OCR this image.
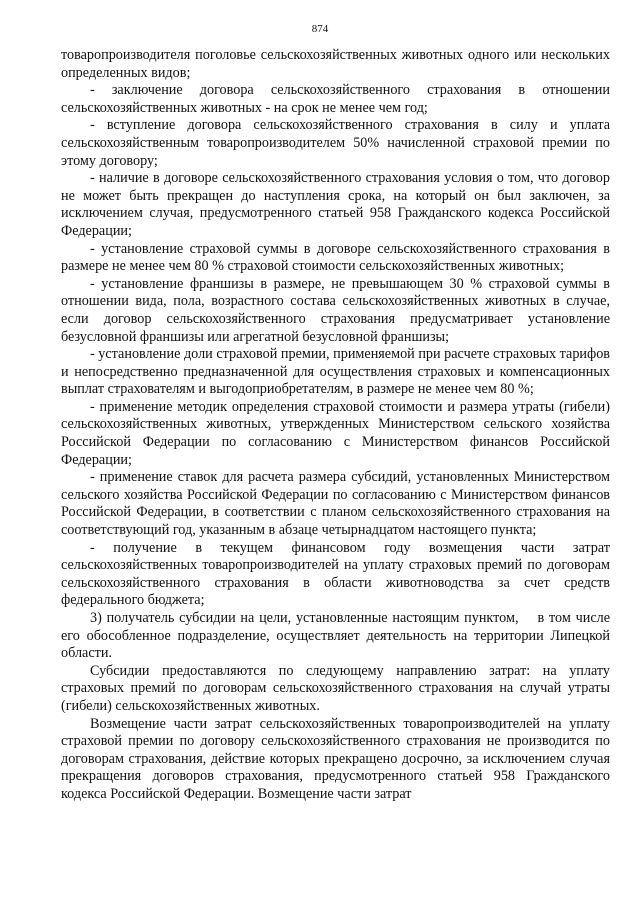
874

товаропроизводителя поголовье сельскохозяйственных животных одного или нескольких определенных видов;

- заключение договора сельскохозяйственного страхования в отношении сельскохозяйственных животных - на срок не менее чем год;

- вступление договора сельскохозяйственного страхования в силу и уплата сельскохозяйственным товаропроизводителем 50% начисленной страховой премии по этому договору;

- наличие в договоре сельскохозяйственного страхования условия о том, что договор не может быть прекращен до наступления срока, на который он был заключен, за исключением случая, предусмотренного статьей 958 Гражданского кодекса Российской Федерации;

- установление страховой суммы в договоре сельскохозяйственного страхования в размере не менее чем 80 % страховой стоимости сельскохозяйственных животных;

- установление франшизы в размере, не превышающем 30 % страховой суммы в отношении вида, пола, возрастного состава сельскохозяйственных животных в случае, если договор сельскохозяйственного страхования предусматривает установление безусловной франшизы или агрегатной безусловной франшизы;

- установление доли страховой премии, применяемой при расчете страховых тарифов и непосредственно предназначенной для осуществления страховых и компенсационных выплат страхователям и выгодоприобретателям, в размере не менее чем 80 %;

- применение методик определения страховой стоимости и размера утраты (гибели) сельскохозяйственных животных, утвержденных Министерством сельского хозяйства Российской Федерации по согласованию с Министерством финансов Российской Федерации;

- применение ставок для расчета размера субсидий, установленных Министерством сельского хозяйства Российской Федерации по согласованию с Министерством финансов Российской Федерации, в соответствии с планом сельскохозяйственного страхования на соответствующий год, указанным в абзаце четырнадцатом настоящего пункта;

- получение в текущем финансовом году возмещения части затрат сельскохозяйственных товаропроизводителей на уплату страховых премий по договорам сельскохозяйственного страхования в области животноводства за счет средств федерального бюджета;

3) получатель субсидии на цели, установленные настоящим пунктом,    в том числе его обособленное подразделение, осуществляет деятельность на территории Липецкой области.

Субсидии предоставляются по следующему направлению затрат: на уплату страховых премий по договорам сельскохозяйственного страхования на случай утраты (гибели) сельскохозяйственных животных.

Возмещение части затрат сельскохозяйственных товаропроизводителей на уплату страховой премии по договору сельскохозяйственного страхования не производится по договорам страхования, действие которых прекращено досрочно, за исключением случая прекращения договоров страхования, предусмотренного статьей 958 Гражданского кодекса Российской Федерации. Возмещение части затрат
